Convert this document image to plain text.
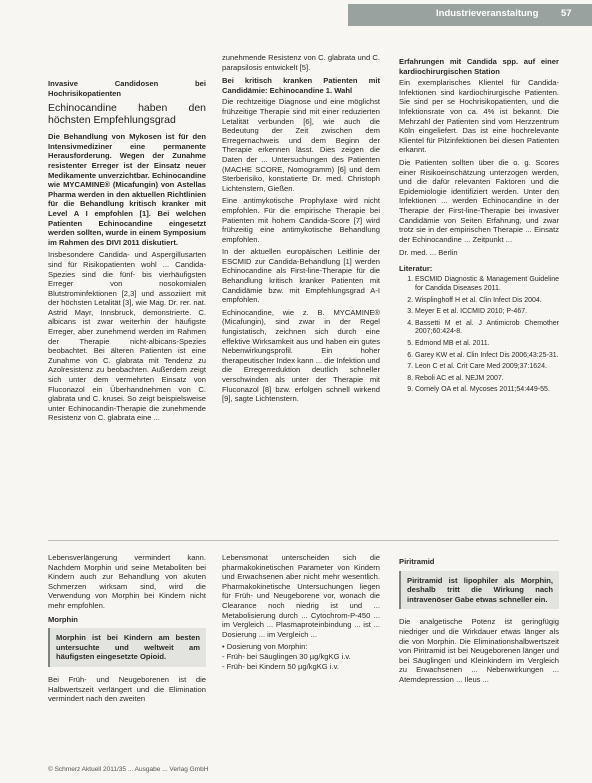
Industrieveranstaltung 57
Invasive Candidosen bei Hochrisikopatienten
Echinocandine haben den höchsten Empfehlungsgrad

Die Behandlung von Mykosen ist für den Intensivmediziner eine permanente Herausforderung. Wegen der Zunahme resistenter Erreger ist der Einsatz neuer Medikamente unverzichtbar. Echinocandine wie MYCAMINE® (Micafungin) von Astellas Pharma werden in den aktuellen Richtlinien für die Behandlung kritisch kranker mit Level A I empfohlen [1]. Bei welchen Patienten Echinocandine eingesetzt werden sollten, wurde in einem Symposium im Rahmen des DIVI 2011 diskutiert.

Insbesondere Candida- und Aspergillusarten sind für Risikopatienten wohl ... Candida-Spezies sind die fünf- bis vierhäufigsten Erreger von nosokomialen Blutstrominfektionen [2,3] und assoziiert mit der höchsten Letalität [3], wie Mag. Dr. rer. nat. Astrid Mayr, Innsbruck, demonstrierte. C. albicans ist zwar weiterhin der häufigste Erreger, aber zunehmend werden im Rahmen der Therapie nicht-albicans-Spezies beobachtet. Bei älteren Patienten ist eine Zunahme von C. glabrata mit Tendenz zu Azolresistenz zu beobachten. Außerdem zeigt sich unter dem vermehrten Einsatz von Fluconazol ein Überhandnehmen von C. glabrata und C. krusei. So zeigt beispielsweise unter Echinocandin-Therapie die zunehmende Resistenz von C. glabrata eine ...

zunehmende Resistenz von C. glabrata und C. parapsilosis entwickelt [5].

Bei kritisch kranken Patienten mit Candidämie: Echinocandine 1. Wahl

Die rechtzeitige Diagnose und eine möglichst frühzeitige Therapie sind mit einer reduzierten Letalität verbunden [6], wie auch die Bedeutung der Zeit zwischen dem Erregernachweis und dem Beginn der Therapie erkennen lässt. Dies zeigen die Daten der ... Untersuchungen des Patienten (MACHE SCORE, Nomogramm) [6] und dem Sterberisiko, konstatierte Dr. med. Christoph Lichtenstern, Gießen.

Eine antimykotische Prophylaxe wird nicht empfohlen. Für die empirische Therapie bei Patienten mit hohem Candida-Score [7] wird frühzeitig eine antimykotische Behandlung empfohlen.

In der aktuellen europäischen Leitlinie der ESCMID zur Candida-Behandlung [1] werden Echinocandine als First-line-Therapie für die Behandlung kritisch kranker Patienten mit Candidämie bzw. mit Empfehlungsgrad A-I empfohlen.

Echinocandine, wie z. B. MYCAMINE® (Micafungin), sind zwar in der Regel fungistatisch, zeichnen sich durch eine effektive Wirksamkeit aus und haben ein gutes Nebenwirkungsprofil. Ein hoher therapeutischer Index kann ... die Infektion und die Erregerreduktion deutlich schneller verschwinden als unter der Therapie mit Fluconazol [8] bzw. erfolgen schnell wirkend [9], sagte Lichtenstern.

Erfahrungen mit Candida spp. auf einer kardiochirurgischen Station

Ein exemplarisches Klientel für Candida-Infektionen sind kardiochirurgische Patienten. Sie sind per se Hochrisikopatienten, und die Infektionsrate von ca. 4% ist bekannt. Die Mehrzahl der Patienten sind vom Herzzentrum Köln eingeliefert. Das ist eine hochrelevante Klientel für Pilzinfektionen bei diesen Patienten erkannt.

Die Patienten sollten über die o. g. Scores einer Risikoeinschätzung unterzogen werden, und die dafür relevanten Faktoren und die Epidemiologie identifiziert werden. Unter den Infektionen ... werden Echinocandine in der Therapie der First-line-Therapie bei invasiver Candidämie von Seiten Erfahrung, und zwar trotz sie in der empirischen Therapie ... Einsatz der Echinocandine ... Zeitpunkt ...

Dr. med. ... Berlin
Literatur:
1. ESCMID Diagnostic & Management Guideline for Candida Diseases 2011.
2. Wisplinghoff H et al. Clin Infect Dis 2004.
3. Meyer E et al. ICCMID 2010; P-467.
4. Bassetti M et al. J Antimicrob Chemother 2007;60:424-8.
5. Edmond MB et al. 2011.
6. Garey KW et al. Clin Infect Dis 2006;43:25-31.
7. Leon C et al. Crit Care Med 2009;37:1624.
8. Reboli AC et al. NEJM 2007.
9. Cornely OA et al. Mycoses 2011;54:449-55.

Lebensverlängerung vermindert kann. Nachdem Morphin und seine Metaboliten bei Kindern auch zur Behandlung von akuten Schmerzen wirksam sind, wird die Verwendung von Morphin bei Kindern nicht mehr empfohlen.

Morphin
Morphin ist bei Kindern am besten untersuchte und weltweit am häufigsten eingesetzte Opioid.

Bei Früh- und Neugeborenen ist die Halbwertszeit verlängert und die Elimination vermindert nach den zweiten

Lebensmonat unterscheiden sich die pharmakokinetischen Parameter von Kindern und Erwachsenen aber nicht mehr wesentlich. Pharmakokinetische Untersuchungen liegen für Früh- und Neugeborene vor, wonach die Clearance noch niedrig ist und ... Metabolisierung durch ... Cytochrom-P-450 ... im Vergleich ... Plasmaproteinbindung ... ist ... Dosierung ... im Vergleich ...

• Dosierung von Morphin:
- Früh- bei Säuglingen 30 µg/kgKG i.v.
- Früh- bei Kindern 50 µg/kgKG i.v.
Piritramid
Piritramid ist lipophiler als Morphin, deshalb tritt die Wirkung nach intravenöser Gabe etwas schneller ein.

Die analgetische Potenz ist geringfügig niedriger und die Wirkdauer etwas länger als die von Morphin. Die Eliminationshalbwertszeit von Piritramid ist bei Neugeborenen länger und bei Säuglingen und Kleinkindern im Vergleich zu Erwachsenen ... Nebenwirkungen ... Atemdepression ... Ileus ...

© Schmerz Aktuell 2011/35 ... Ausgabe ... Verlag GmbH
